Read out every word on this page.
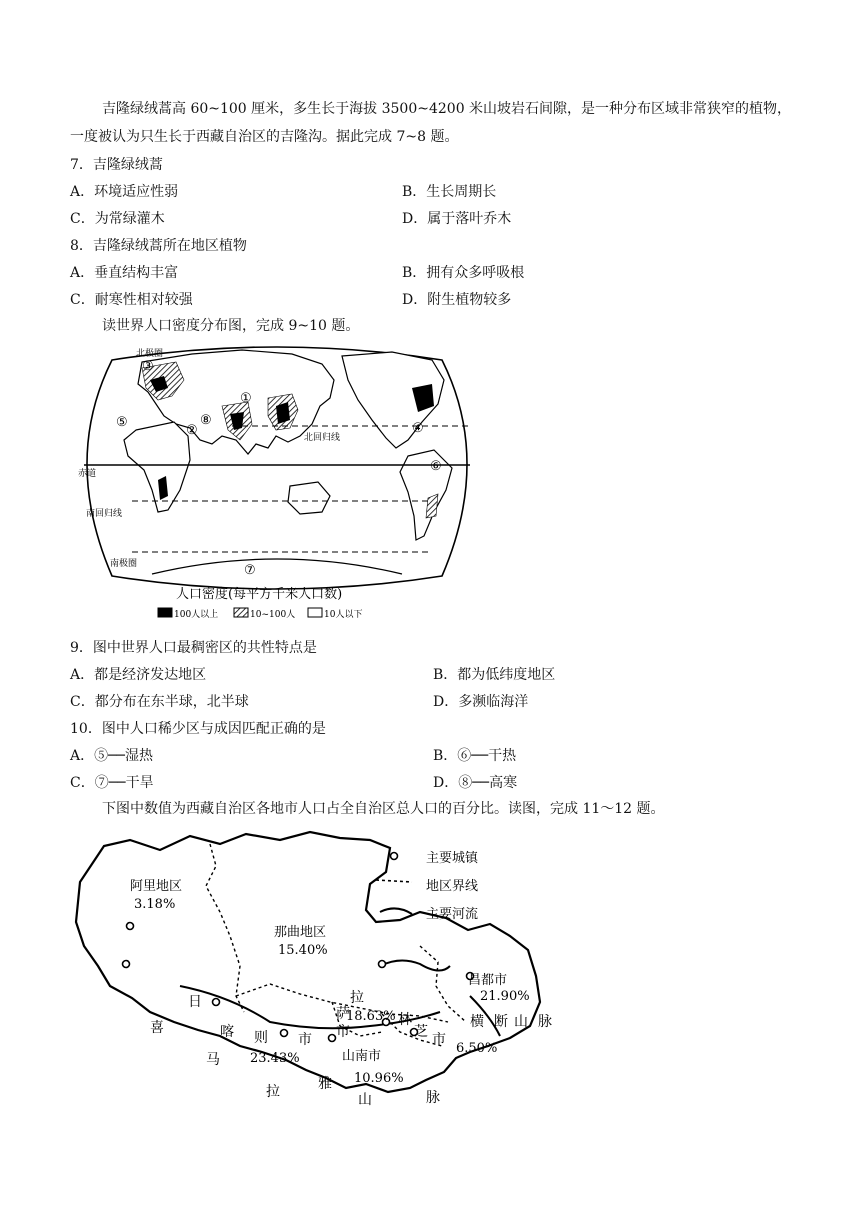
吉隆绿绒蒿高 60~100 厘米，多生长于海拔 3500~4200 米山坡岩石间隙，是一种分布区域非常狭窄的植物，
一度被认为只生长于西藏自治区的吉隆沟。据此完成 7~8 题。
7．吉隆绿绒蒿
A．环境适应性弱	B．生长周期长
C．为常绿灌木	D．属于落叶乔木
8．吉隆绿绒蒿所在地区植物
A．垂直结构丰富	B．拥有众多呼吸根
C．耐寒性相对较强	D．附生植物较多
读世界人口密度分布图，完成 9~10 题。
北极圈
北回归线
赤道
南回归线
南极圈
①
②
③
④
⑤
⑥
⑦
⑧
人口密度(每平方千米人口数)
100人以上	10~100人	10人以下
9．图中世界人口最稠密区的共性特点是
A．都是经济发达地区	B．都为低纬度地区
C．都分布在东半球，北半球	D．多濒临海洋
10．图中人口稀少区与成因匹配正确的是
A．⑤──湿热	B．⑥──干热
C．⑦──干旱	D．⑧──高寒
下图中数值为西藏自治区各地市人口占全自治区总人口的百分比。读图，完成 11～12 题。
主要城镇
地区界线
主要河流
阿里地区
3.18%
那曲地区
15.40%
昌都市
21.90%
18.63%
6.50%
山南市
10.96%
23.43%
喜
马
拉	雅
山	脉
日
喀 则 市
横 断 山 脉
拉
萨
市
林
芝 市
